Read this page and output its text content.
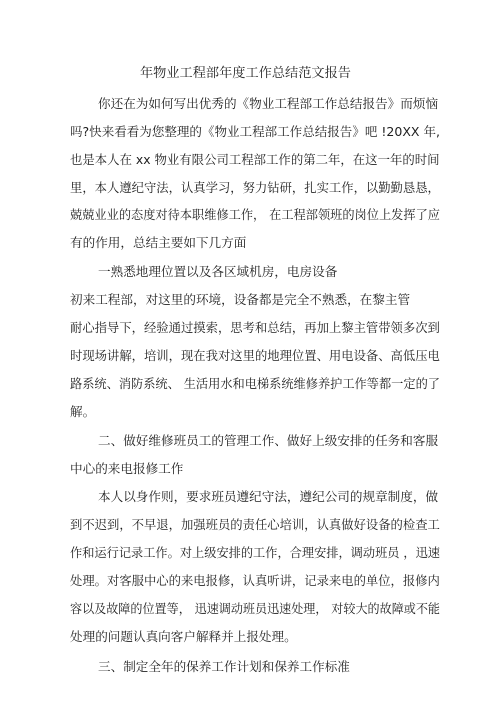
年物业工程部年度工作总结范文报告
你还在为如何写出优秀的《物业工程部工作总结报告》而烦恼
吗?快来看看为您整理的《物业工程部工作总结报告》吧 !20XX 年,
也是本人在 xx 物业有限公司工程部工作的第二年，在这一年的时间
里，本人遵纪守法，认真学习，努力钻研，扎实工作，以勤勤恳恳，
兢兢业业的态度对待本职维修工作， 在工程部领班的岗位上发挥了应
有的作用，总结主要如下几方面
一熟悉地理位置以及各区域机房，电房设备
初来工程部，对这里的环境，设备都是完全不熟悉，在黎主管
耐心指导下，经验通过摸索，思考和总结，再加上黎主管带领多次到
时现场讲解，培训，现在我对这里的地理位置、用电设备、高低压电
路系统、消防系统、 生活用水和电梯系统维修养护工作等都一定的了
解。
二、做好维修班员工的管理工作、做好上级安排的任务和客服
中心的来电报修工作
本人以身作则，要求班员遵纪守法，遵纪公司的规章制度，做
到不迟到，不早退，加强班员的责任心培训，认真做好设备的检查工
作和运行记录工作。对上级安排的工作，合理安排，调动班员 ，迅速
处理。对客服中心的来电报修，认真听讲，记录来电的单位，报修内
容以及故障的位置等， 迅速调动班员迅速处理， 对较大的故障或不能
处理的问题认真向客户解释并上报处理。
三、制定全年的保养工作计划和保养工作标准
